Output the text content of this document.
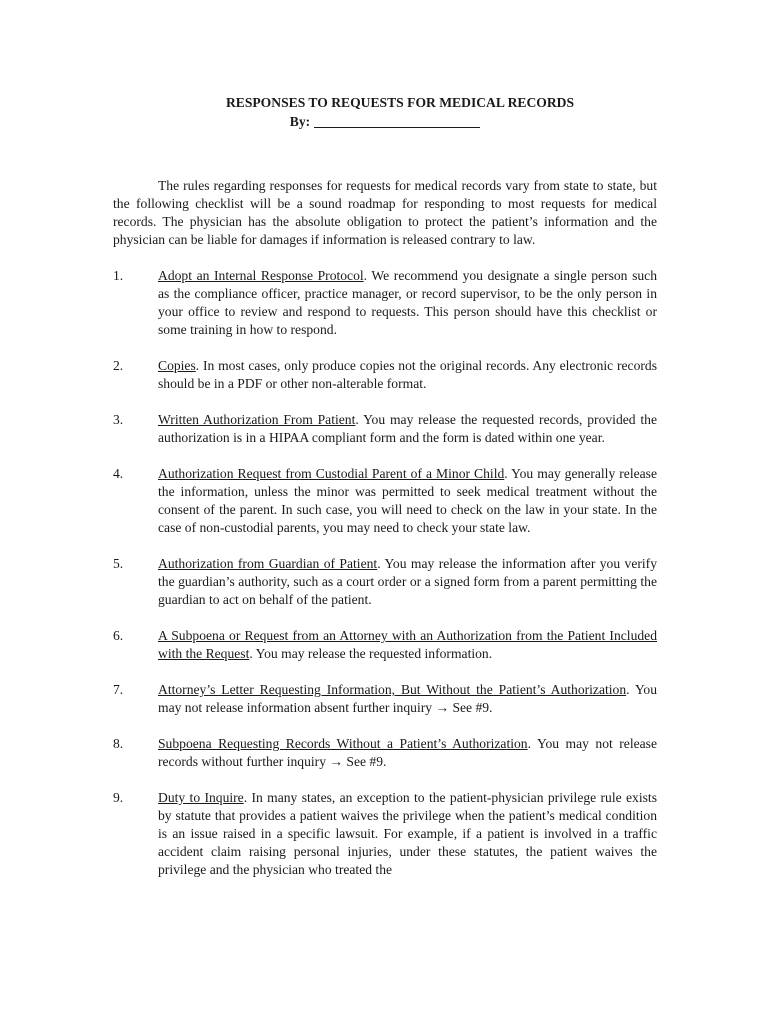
RESPONSES TO REQUESTS FOR MEDICAL RECORDS
By:

The rules regarding responses for requests for medical records vary from state to state, but the following checklist will be a sound roadmap for responding to most requests for medical records. The physician has the absolute obligation to protect the patient’s information and the physician can be liable for damages if information is released contrary to law.

1.	Adopt an Internal Response Protocol. We recommend you designate a single person such as the compliance officer, practice manager, or record supervisor, to be the only person in your office to review and respond to requests. This person should have this checklist or some training in how to respond.
2.	Copies. In most cases, only produce copies not the original records. Any electronic records should be in a PDF or other non-alterable format.
3.	Written Authorization From Patient. You may release the requested records, provided the authorization is in a HIPAA compliant form and the form is dated within one year.
4.	Authorization Request from Custodial Parent of a Minor Child. You may generally release the information, unless the minor was permitted to seek medical treatment without the consent of the parent. In such case, you will need to check on the law in your state. In the case of non-custodial parents, you may need to check your state law.
5.	Authorization from Guardian of Patient. You may release the information after you verify the guardian’s authority, such as a court order or a signed form from a parent permitting the guardian to act on behalf of the patient.
6.	A Subpoena or Request from an Attorney with an Authorization from the Patient Included with the Request. You may release the requested information.
7.	Attorney’s Letter Requesting Information, But Without the Patient’s Authorization. You may not release information absent further inquiry → See #9.
8.	Subpoena Requesting Records Without a Patient’s Authorization. You may not release records without further inquiry → See #9.
9.	Duty to Inquire. In many states, an exception to the patient-physician privilege rule exists by statute that provides a patient waives the privilege when the patient’s medical condition is an issue raised in a specific lawsuit. For example, if a patient is involved in a traffic accident claim raising personal injuries, under these statutes, the patient waives the privilege and the physician who treated the
